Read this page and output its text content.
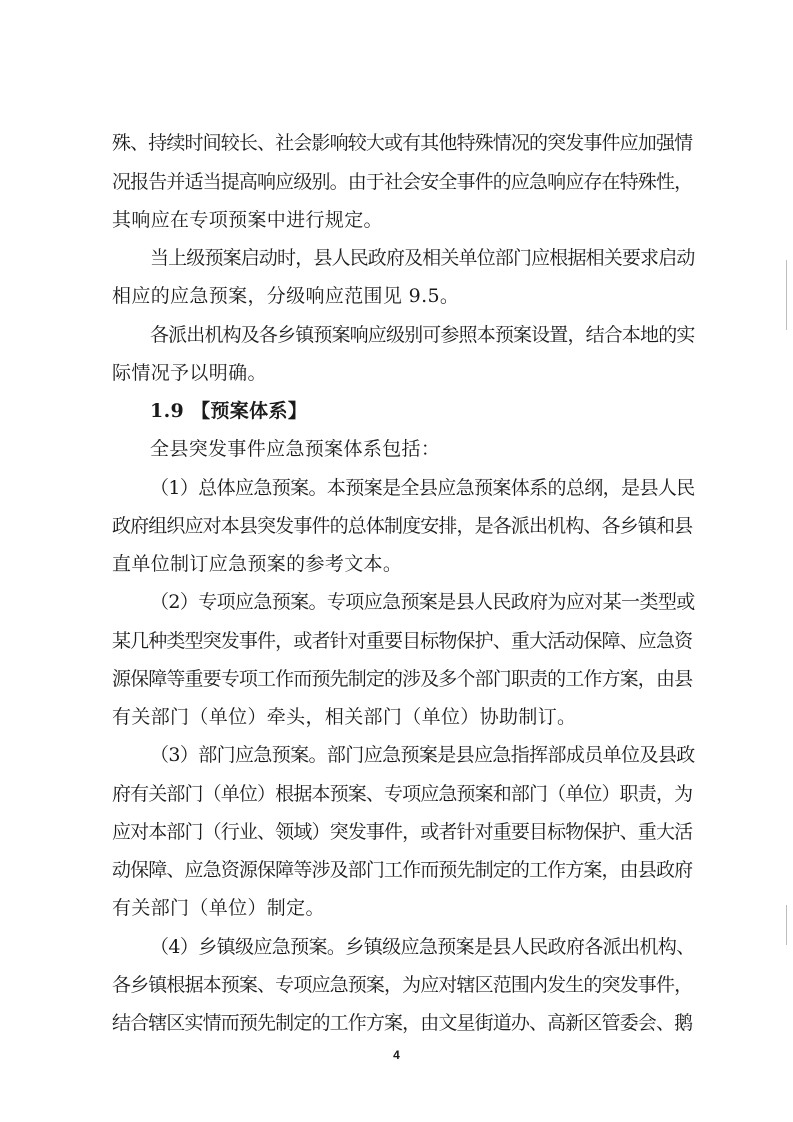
殊、持续时间较长、社会影响较大或有其他特殊情况的突发事件应加强情
况报告并适当提高响应级别。由于社会安全事件的应急响应存在特殊性，
其响应在专项预案中进行规定。
当上级预案启动时，县人民政府及相关单位部门应根据相关要求启动
相应的应急预案，分级响应范围见 9.5。
各派出机构及各乡镇预案响应级别可参照本预案设置，结合本地的实
际情况予以明确。
1.9 【预案体系】
全县突发事件应急预案体系包括：
（1）总体应急预案。本预案是全县应急预案体系的总纲，是县人民
政府组织应对本县突发事件的总体制度安排，是各派出机构、各乡镇和县
直单位制订应急预案的参考文本。
（2）专项应急预案。专项应急预案是县人民政府为应对某一类型或
某几种类型突发事件，或者针对重要目标物保护、重大活动保障、应急资
源保障等重要专项工作而预先制定的涉及多个部门职责的工作方案，由县
有关部门（单位）牵头，相关部门（单位）协助制订。
（3）部门应急预案。部门应急预案是县应急指挥部成员单位及县政
府有关部门（单位）根据本预案、专项应急预案和部门（单位）职责，为
应对本部门（行业、领域）突发事件，或者针对重要目标物保护、重大活
动保障、应急资源保障等涉及部门工作而预先制定的工作方案，由县政府
有关部门（单位）制定。
（4）乡镇级应急预案。乡镇级应急预案是县人民政府各派出机构、
各乡镇根据本预案、专项应急预案，为应对辖区范围内发生的突发事件，
结合辖区实情而预先制定的工作方案，由文星街道办、高新区管委会、鹅
4
